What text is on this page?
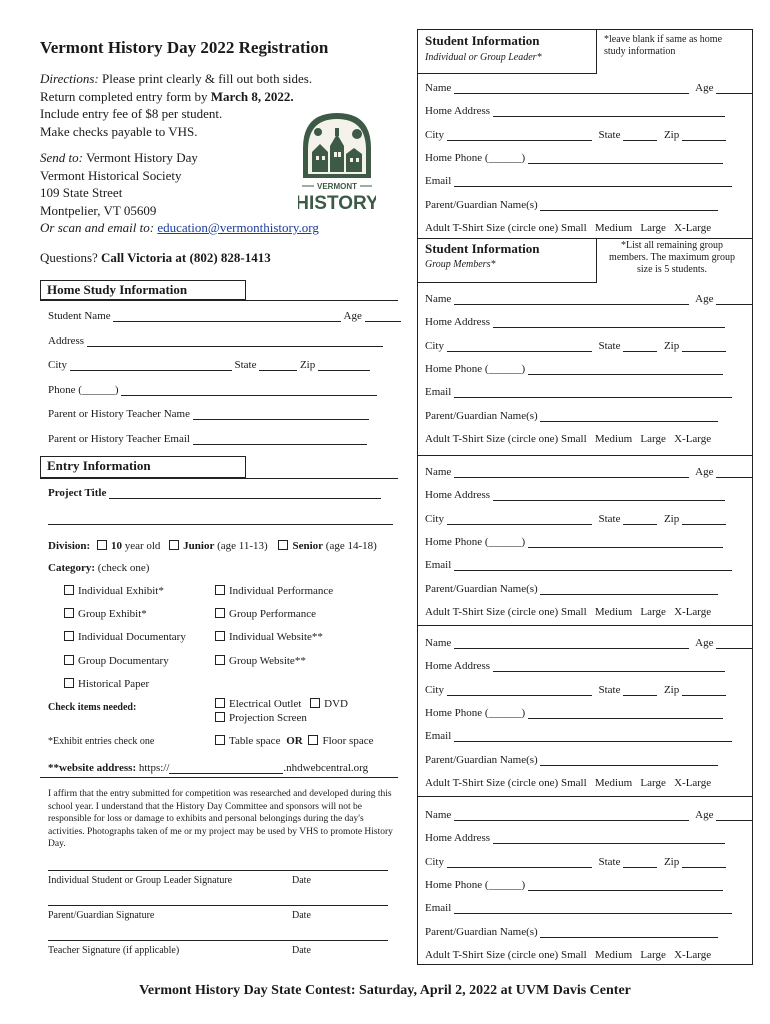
Vermont History Day 2022 Registration
Directions: Please print clearly & fill out both sides.
Return completed entry form by March 8, 2022.
Include entry fee of $8 per student.
Make checks payable to VHS.
Send to: Vermont History Day
Vermont Historical Society
109 State Street
Montpelier, VT 05609
Or scan and email to: education@vermonthistory.org
VERMONT
HISTORY
Questions? Call Victoria at (802) 828-1413
Home Study Information
Student Name	Age
Address
City	State	Zip
Phone (______)
Parent or History Teacher Name
Parent or History Teacher Email
Entry Information
Project Title
Division: 10 year old Junior (age 11-13) Senior (age 14-18)
Category: (check one)
Individual Exhibit*	Individual Performance
Group Exhibit*	Group Performance
Individual Documentary	Individual Website**
Group Documentary	Group Website**
Historical Paper
Check items needed:	Electrical Outlet DVD
Projection Screen
*Exhibit entries check one	Table space OR Floor space
**website address: https://	.nhdwebcentral.org
I affirm that the entry submitted for competition was researched and developed during this school year. I understand that the History Day Committee and sponsors will not be responsible for loss or damage to exhibits and personal belongings during the day's activities. Photographs taken of me or my project may be used by VHS to promote History Day.
Individual Student or Group Leader Signature	Date
Parent/Guardian Signature	Date
Teacher Signature (if applicable)	Date
Student Information
Individual or Group Leader*
*leave blank if same as home study information
Student Information
Group Members*
*List all remaining group members. The maximum group size is 5 students.
Name	Age
Home Address
City	State	Zip
Home Phone (______)
Email
Parent/Guardian Name(s)
Adult T-Shirt Size (circle one) Small   Medium   Large   X-Large
Name	Age
Home Address
City	State	Zip
Home Phone (______)
Email
Parent/Guardian Name(s)
Adult T-Shirt Size (circle one) Small   Medium   Large   X-Large
Name	Age
Home Address
City	State	Zip
Home Phone (______)
Email
Parent/Guardian Name(s)
Adult T-Shirt Size (circle one) Small   Medium   Large   X-Large
Name	Age
Home Address
City	State	Zip
Home Phone (______)
Email
Parent/Guardian Name(s)
Adult T-Shirt Size (circle one) Small   Medium   Large   X-Large
Name	Age
Home Address
City	State	Zip
Home Phone (______)
Email
Parent/Guardian Name(s)
Adult T-Shirt Size (circle one) Small   Medium   Large   X-Large
Vermont History Day State Contest: Saturday, April 2, 2022 at UVM Davis Center
